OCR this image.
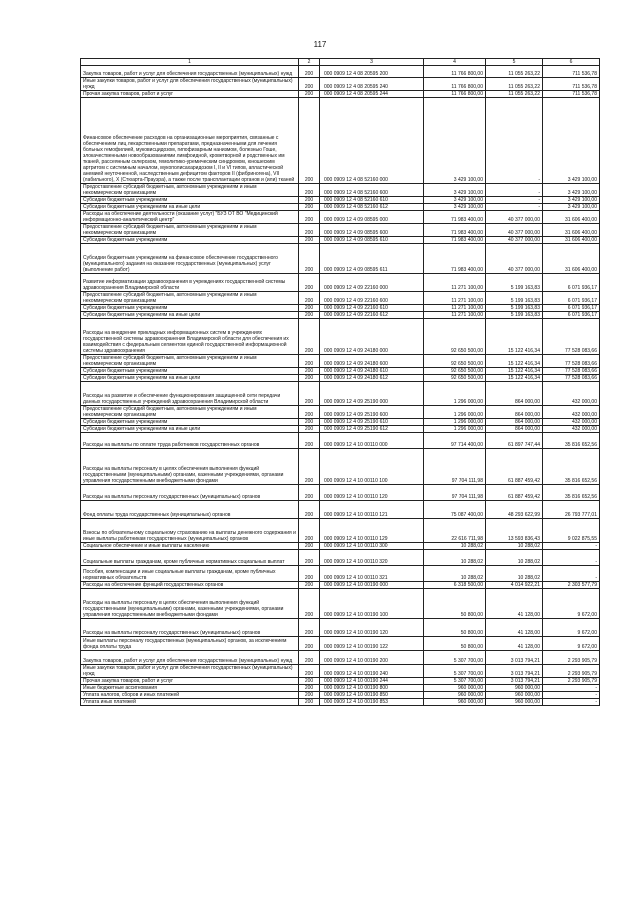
117
1	2	3	4	5	6
Закупка товаров, работ и услуг для обеспечения государственных (муниципальных) нужд	200	000 0909 12 4 08 20595 200	11 766 800,00	11 055 263,22	711 536,78
Иные закупки товаров, работ и услуг для обеспечения государственных (муниципальных) нужд	200	000 0909 12 4 08 20595 240	11 766 800,00	11 055 263,22	711 536,78
Прочая закупка товаров, работ и услуг	200	000 0909 12 4 08 20595 244	11 766 800,00	11 055 263,22	711 536,78
Финансовое обеспечение расходов на организационные мероприятия, связанные с обеспечением лиц лекарственными препаратами, предназначенными для лечения больных гемофилией, муковисцидозом, гипофизарным нанизмом, болезнью Гоше, злокачественными новообразованиями лимфоидной, кроветворной и родственных им тканей, рассеянным склерозом, гемолитико-уремическим синдромом, юношеским артритом с системным началом, мукополисахаридозом I, II и VI типов, апластической анемией неуточненной, наследственным дефицитом факторов II (фибриногена), VII (лабильного), X (Стюарта-Прауэра), а также после трансплантации органов и (или) тканей	200	000 0909 12 4 08 52160 000	3 429 100,00	-	3 429 100,00
Предоставление субсидий бюджетным, автономным учреждениям и иным некоммерческим организациям	200	000 0909 12 4 08 52160 600	3 429 100,00	-	3 429 100,00
Субсидии бюджетным учреждениям	200	000 0909 12 4 08 52160 610	3 429 100,00	-	3 429 100,00
Субсидии бюджетным учреждениям на иные цели	200	000 0909 12 4 08 52160 612	3 429 100,00	-	3 429 100,00
Расходы на обеспечение деятельности (оказание услуг) "БУЗ ОТ ВО "Медицинский информационно-аналитический центр"	200	000 0909 12 4 09 08595 000	71 983 400,00	40 377 000,00	31 606 400,00
Предоставление субсидий бюджетным, автономным учреждениям и иным некоммерческим организациям	200	000 0909 12 4 09 08595 600	71 983 400,00	40 377 000,00	31 606 400,00
Субсидии бюджетным учреждениям	200	000 0909 12 4 09 08595 610	71 983 400,00	40 377 000,00	31 606 400,00
Субсидии бюджетным учреждениям на финансовое обеспечение государственного (муниципального) задания на оказание государственных (муниципальных) услуг (выполнение работ)	200	000 0909 12 4 09 08595 611	71 983 400,00	40 377 000,00	31 606 400,00
Развитие информатизации здравоохранения в учреждениях государственной системы здравоохранения Владимирской области	200	000 0909 12 4 09 22160 000	11 271 100,00	5 199 163,83	6 071 936,17
Предоставление субсидий бюджетным, автономным учреждениям и иным некоммерческим организациям	200	000 0909 12 4 09 22160 600	11 271 100,00	5 199 163,83	6 071 936,17
Субсидии бюджетным учреждениям	200	000 0909 12 4 09 22160 610	11 271 100,00	5 199 163,83	6 071 936,17
Субсидии бюджетным учреждениям на иные цели	200	000 0909 12 4 09 22160 612	11 271 100,00	5 199 163,83	6 071 936,17
Расходы на внедрение прикладных информационных систем в учреждениях государственной системы здравоохранения Владимирской области для обеспечения их взаимодействия с федеральным сегментом единой государственной информационной системы здравоохранения	200	000 0909 12 4 09 24180 000	92 650 500,00	15 122 416,34	77 528 083,66
Предоставление субсидий бюджетным, автономным учреждениям и иным некоммерческим организациям	200	000 0909 12 4 09 24180 600	92 650 500,00	15 122 416,34	77 528 083,66
Субсидии бюджетным учреждениям	200	000 0909 12 4 09 24180 610	92 650 500,00	15 122 416,34	77 528 083,66
Субсидии бюджетным учреждениям на иные цели	200	000 0909 12 4 09 24180 612	92 650 500,00	15 122 416,34	77 528 083,66
Расходы на развитие и обеспечение функционирования защищенной сети передачи данных государственных учреждений здравоохранения Владимирской области	200	000 0909 12 4 09 25190 000	1 296 000,00	864 000,00	432 000,00
Предоставление субсидий бюджетным, автономным учреждениям и иным некоммерческим организациям	200	000 0909 12 4 09 25190 600	1 296 000,00	864 000,00	432 000,00
Субсидии бюджетным учреждениям	200	000 0909 12 4 09 25190 610	1 296 000,00	864 000,00	432 000,00
Субсидии бюджетным учреждениям на иные цели	200	000 0909 12 4 09 25190 612	1 296 000,00	864 000,00	432 000,00
Расходы на выплаты по оплате труда работников государственных органов	200	000 0909 12 4 10 00110 000	97 714 400,00	61 897 747,44	35 816 652,56
Расходы на выплаты персоналу в целях обеспечения выполнения функций государственными (муниципальными) органами, казенными учреждениями, органами управления государственными внебюджетными фондами	200	000 0909 12 4 10 00110 100	97 704 111,98	61 887 459,42	35 816 652,56
Расходы на выплаты персоналу государственных (муниципальных) органов	200	000 0909 12 4 10 00110 120	97 704 111,98	61 887 459,42	35 816 652,56
Фонд оплаты труда государственных (муниципальных) органов	200	000 0909 12 4 10 00110 121	75 087 400,00	48 293 622,99	26 793 777,01
Взносы по обязательному социальному страхованию на выплаты денежного содержания и иные выплаты работникам государственных (муниципальных) органов	200	000 0909 12 4 10 00110 129	22 616 711,98	13 593 836,43	9 022 875,55
Социальное обеспечение и иные выплаты населению	200	000 0909 12 4 10 00110 300	10 288,02	10 288,02	-
Социальные выплаты гражданам, кроме публичных нормативных социальных выплат	200	000 0909 12 4 10 00110 320	10 288,02	10 288,02	-
Пособия, компенсации и иные социальные выплаты гражданам, кроме публичных нормативных обязательств	200	000 0909 12 4 10 00110 321	10 288,02	10 288,02	-
Расходы на обеспечение функций государственных органов	200	000 0909 12 4 10 00190 000	6 318 500,00	4 014 922,21	2 303 577,79
Расходы на выплаты персоналу в целях обеспечения выполнения функций государственными (муниципальными) органами, казенными учреждениями, органами управления государственными внебюджетными фондами	200	000 0909 12 4 10 00190 100	50 800,00	41 128,00	9 672,00
Расходы на выплаты персоналу государственных (муниципальных) органов	200	000 0909 12 4 10 00190 120	50 800,00	41 128,00	9 672,00
Иные выплаты персоналу государственных (муниципальных) органов, за исключением фонда оплаты труда	200	000 0909 12 4 10 00190 122	50 800,00	41 128,00	9 672,00
Закупка товаров, работ и услуг для обеспечения государственных (муниципальных) нужд	200	000 0909 12 4 10 00190 200	5 307 700,00	3 013 794,21	2 293 905,79
Иные закупки товаров, работ и услуг для обеспечения государственных (муниципальных) нужд	200	000 0909 12 4 10 00190 240	5 307 700,00	3 013 794,21	2 293 905,79
Прочая закупка товаров, работ и услуг	200	000 0909 12 4 10 00190 244	5 307 700,00	3 013 794,21	2 293 905,79
Иные бюджетные ассигнования	200	000 0909 12 4 10 00190 800	960 000,00	960 000,00	-
Уплата налогов, сборов и иных платежей	200	000 0909 12 4 10 00190 850	960 000,00	960 000,00	-
Уплата иных платежей	200	000 0909 12 4 10 00190 853	960 000,00	960 000,00	-
